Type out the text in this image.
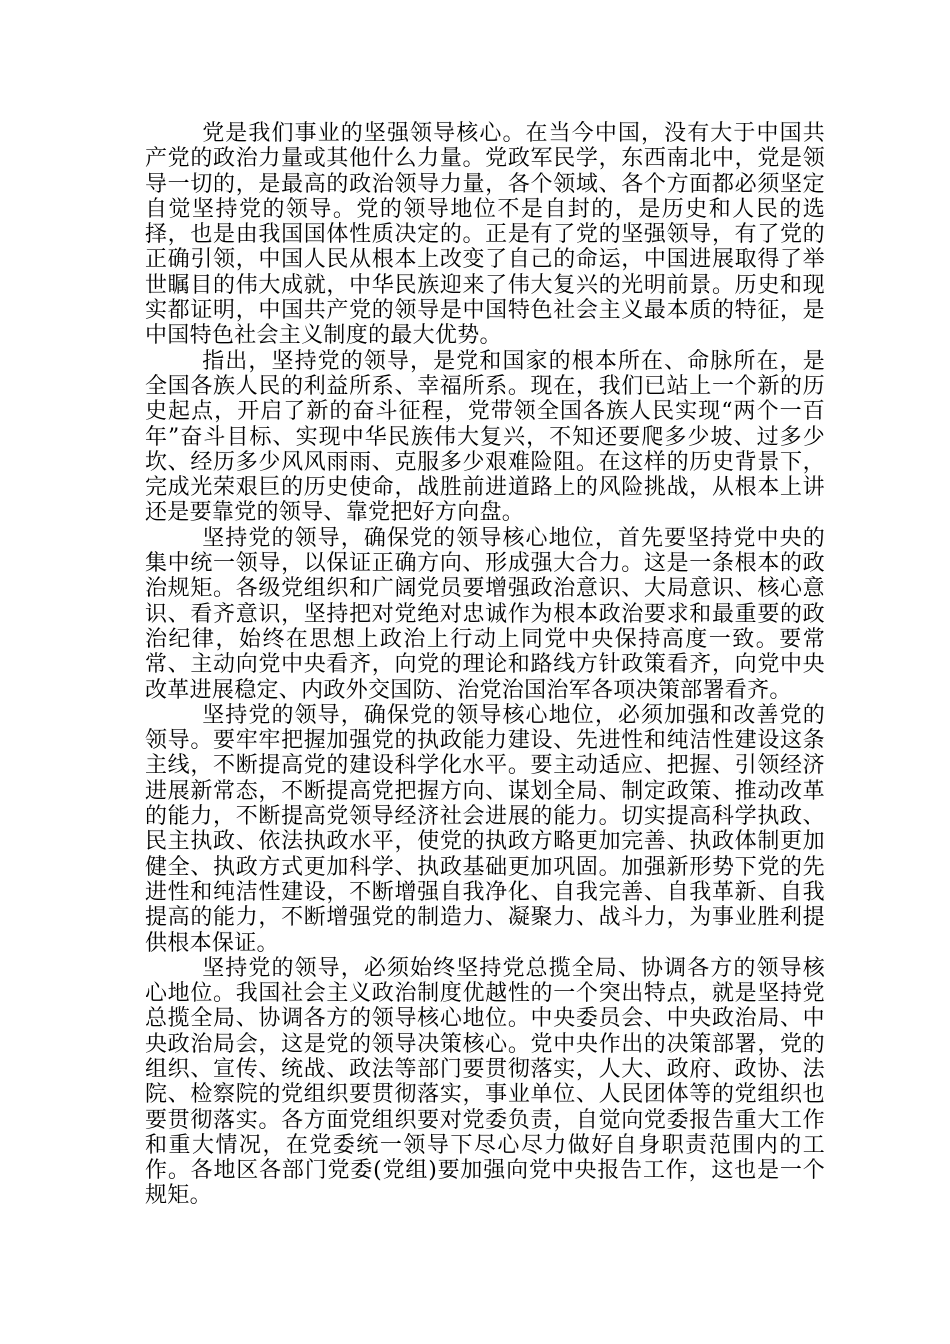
党是我们事业的坚强领导核心。在当今中国，没有大于中国共产党的政治力量或其他什么力量。党政军民学，东西南北中，党是领导一切的，是最高的政治领导力量，各个领域、各个方面都必须坚定自觉坚持党的领导。党的领导地位不是自封的，是历史和人民的选择，也是由我国国体性质决定的。正是有了党的坚强领导，有了党的正确引领，中国人民从根本上改变了自己的命运，中国进展取得了举世瞩目的伟大成就，中华民族迎来了伟大复兴的光明前景。历史和现实都证明，中国共产党的领导是中国特色社会主义最本质的特征，是中国特色社会主义制度的最大优势。

指出，坚持党的领导，是党和国家的根本所在、命脉所在，是全国各族人民的利益所系、幸福所系。现在，我们已站上一个新的历史起点，开启了新的奋斗征程，党带领全国各族人民实现“两个一百年”奋斗目标、实现中华民族伟大复兴，不知还要爬多少坡、过多少坎、经历多少风风雨雨、克服多少艰难险阻。在这样的历史背景下，完成光荣艰巨的历史使命，战胜前进道路上的风险挑战，从根本上讲还是要靠党的领导、靠党把好方向盘。

坚持党的领导，确保党的领导核心地位，首先要坚持党中央的集中统一领导，以保证正确方向、形成强大合力。这是一条根本的政治规矩。各级党组织和广阔党员要增强政治意识、大局意识、核心意识、看齐意识，坚持把对党绝对忠诚作为根本政治要求和最重要的政治纪律，始终在思想上政治上行动上同党中央保持高度一致。要常常、主动向党中央看齐，向党的理论和路线方针政策看齐，向党中央改革进展稳定、内政外交国防、治党治国治军各项决策部署看齐。

坚持党的领导，确保党的领导核心地位，必须加强和改善党的领导。要牢牢把握加强党的执政能力建设、先进性和纯洁性建设这条主线，不断提高党的建设科学化水平。要主动适应、把握、引领经济进展新常态，不断提高党把握方向、谋划全局、制定政策、推动改革的能力，不断提高党领导经济社会进展的能力。切实提高科学执政、民主执政、依法执政水平，使党的执政方略更加完善、执政体制更加健全、执政方式更加科学、执政基础更加巩固。加强新形势下党的先进性和纯洁性建设，不断增强自我净化、自我完善、自我革新、自我提高的能力，不断增强党的制造力、凝聚力、战斗力，为事业胜利提供根本保证。

坚持党的领导，必须始终坚持党总揽全局、协调各方的领导核心地位。我国社会主义政治制度优越性的一个突出特点，就是坚持党总揽全局、协调各方的领导核心地位。中央委员会、中央政治局、中央政治局会，这是党的领导决策核心。党中央作出的决策部署，党的组织、宣传、统战、政法等部门要贯彻落实，人大、政府、政协、法院、检察院的党组织要贯彻落实，事业单位、人民团体等的党组织也要贯彻落实。各方面党组织要对党委负责，自觉向党委报告重大工作和重大情况，在党委统一领导下尽心尽力做好自身职责范围内的工作。各地区各部门党委(党组)要加强向党中央报告工作，这也是一个规矩。
